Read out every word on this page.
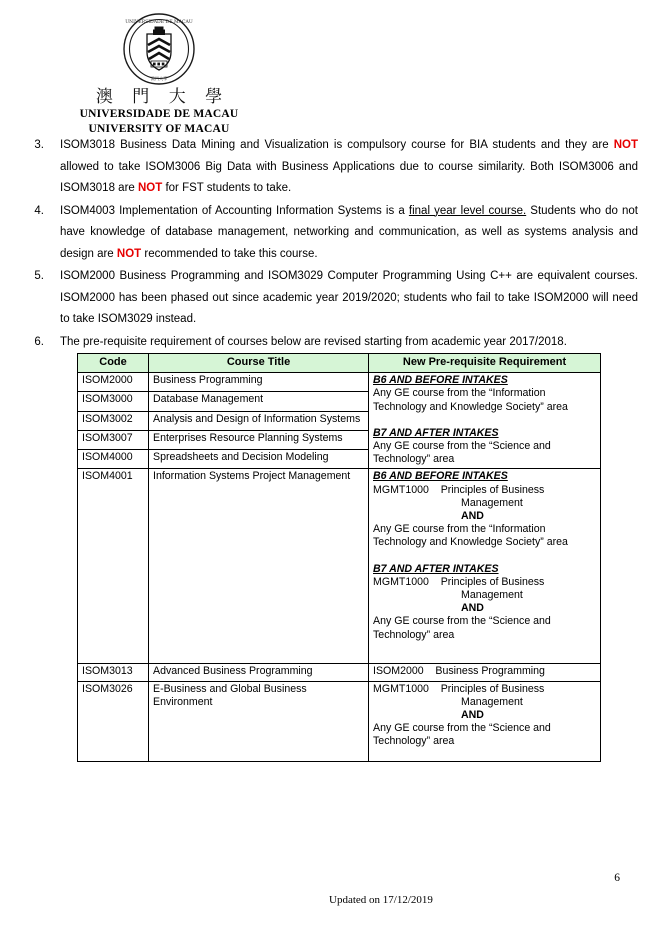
UNIVERSIDADE DE MACAU
澳門大學
澳 門 大 學
UNIVERSIDADE DE MACAU
UNIVERSITY OF MACAU
3.	ISOM3018 Business Data Mining and Visualization is compulsory course for BIA students and they are NOT allowed to take ISOM3006 Big Data with Business Applications due to course similarity. Both ISOM3006 and ISOM3018 are NOT for FST students to take.
4.	ISOM4003 Implementation of Accounting Information Systems is a final year level course. Students who do not have knowledge of database management, networking and communication, as well as systems analysis and design are NOT recommended to take this course.
5.	ISOM2000 Business Programming and ISOM3029 Computer Programming Using C++ are equivalent courses. ISOM2000 has been phased out since academic year 2019/2020; students who fail to take ISOM2000 will need to take ISOM3029 instead.
6.	The pre-requisite requirement of courses below are revised starting from academic year 2017/2018.
Code	Course Title	New Pre-requisite Requirement
ISOM2000	Business Programming	B6 AND BEFORE INTAKES
Any GE course from the “Information Technology and Knowledge Society” area
B7 AND AFTER INTAKES
Any GE course from the “Science and Technology” area

ISOM3000	Database Management	
ISOM3002	Analysis and Design of Information Systems	
ISOM3007	Enterprises Resource Planning Systems	
ISOM4000	Spreadsheets and Decision Modeling	
ISOM4001	Information Systems Project Management	B6 AND BEFORE INTAKES
MGMT1000    Principles of Business
Management
AND
Any GE course from the “Information Technology and Knowledge Society” area
B7 AND AFTER INTAKES
MGMT1000    Principles of Business
Management
AND
Any GE course from the “Science and Technology” area

ISOM3013	Advanced Business Programming	ISOM2000    Business Programming

ISOM3026	E-Business and Global Business Environment	MGMT1000    Principles of Business
Management
AND
Any GE course from the “Science and Technology” area
6
Updated on 17/12/2019
